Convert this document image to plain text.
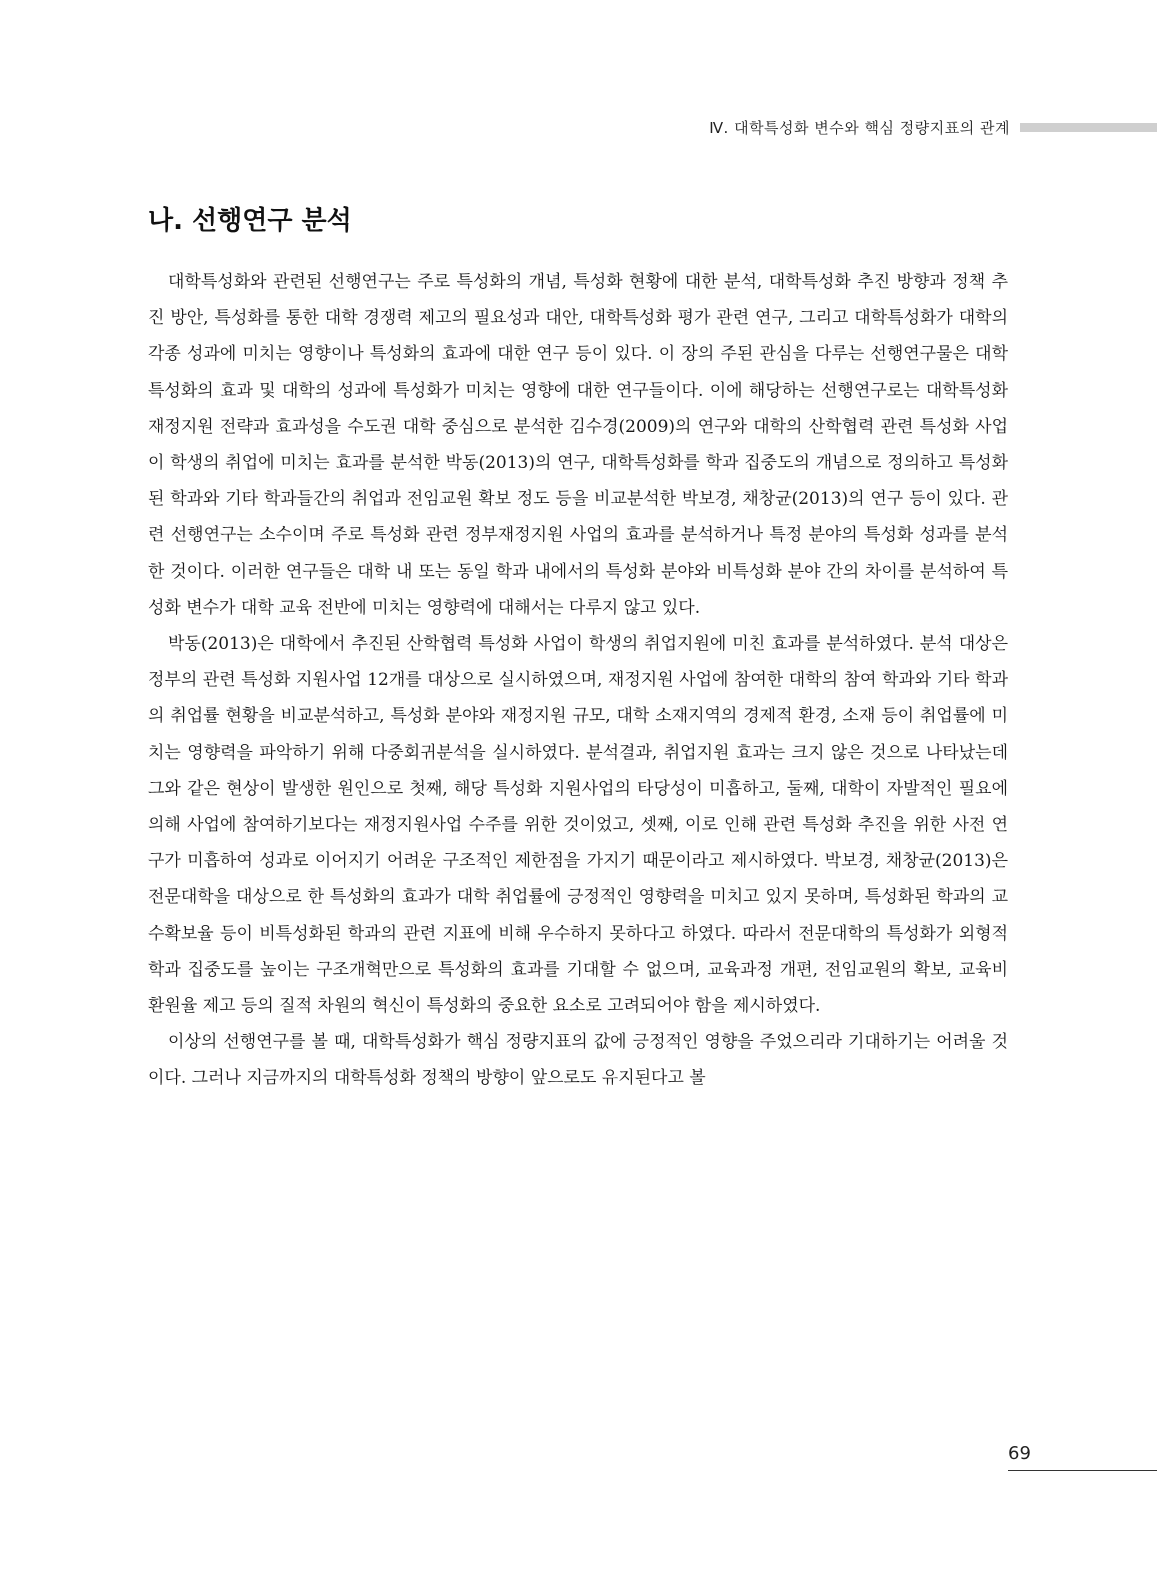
Ⅳ. 대학특성화 변수와 핵심 정량지표의 관계
나. 선행연구 분석

대학특성화와 관련된 선행연구는 주로 특성화의 개념, 특성화 현황에 대한 분석, 대학특성화 추진 방향과 정책 추진 방안, 특성화를 통한 대학 경쟁력 제고의 필요성과 대안, 대학특성화 평가 관련 연구, 그리고 대학특성화가 대학의 각종 성과에 미치는 영향이나 특성화의 효과에 대한 연구 등이 있다. 이 장의 주된 관심을 다루는 선행연구물은 대학특성화의 효과 및 대학의 성과에 특성화가 미치는 영향에 대한 연구들이다. 이에 해당하는 선행연구로는 대학특성화 재정지원 전략과 효과성을 수도권 대학 중심으로 분석한 김수경(2009)의 연구와 대학의 산학협력 관련 특성화 사업이 학생의 취업에 미치는 효과를 분석한 박동(2013)의 연구, 대학특성화를 학과 집중도의 개념으로 정의하고 특성화된 학과와 기타 학과들간의 취업과 전임교원 확보 정도 등을 비교분석한 박보경, 채창균(2013)의 연구 등이 있다. 관련 선행연구는 소수이며 주로 특성화 관련 정부재정지원 사업의 효과를 분석하거나 특정 분야의 특성화 성과를 분석한 것이다. 이러한 연구들은 대학 내 또는 동일 학과 내에서의 특성화 분야와 비특성화 분야 간의 차이를 분석하여 특성화 변수가 대학 교육 전반에 미치는 영향력에 대해서는 다루지 않고 있다.

박동(2013)은 대학에서 추진된 산학협력 특성화 사업이 학생의 취업지원에 미친 효과를 분석하였다. 분석 대상은 정부의 관련 특성화 지원사업 12개를 대상으로 실시하였으며, 재정지원 사업에 참여한 대학의 참여 학과와 기타 학과의 취업률 현황을 비교분석하고, 특성화 분야와 재정지원 규모, 대학 소재지역의 경제적 환경, 소재 등이 취업률에 미치는 영향력을 파악하기 위해 다중회귀분석을 실시하였다. 분석결과, 취업지원 효과는 크지 않은 것으로 나타났는데 그와 같은 현상이 발생한 원인으로 첫째, 해당 특성화 지원사업의 타당성이 미흡하고, 둘째, 대학이 자발적인 필요에 의해 사업에 참여하기보다는 재정지원사업 수주를 위한 것이었고, 셋째, 이로 인해 관련 특성화 추진을 위한 사전 연구가 미흡하여 성과로 이어지기 어려운 구조적인 제한점을 가지기 때문이라고 제시하였다. 박보경, 채창균(2013)은 전문대학을 대상으로 한 특성화의 효과가 대학 취업률에 긍정적인 영향력을 미치고 있지 못하며, 특성화된 학과의 교수확보율 등이 비특성화된 학과의 관련 지표에 비해 우수하지 못하다고 하였다. 따라서 전문대학의 특성화가 외형적 학과 집중도를 높이는 구조개혁만으로 특성화의 효과를 기대할 수 없으며, 교육과정 개편, 전임교원의 확보, 교육비 환원율 제고 등의 질적 차원의 혁신이 특성화의 중요한 요소로 고려되어야 함을 제시하였다.

이상의 선행연구를 볼 때, 대학특성화가 핵심 정량지표의 값에 긍정적인 영향을 주었으리라 기대하기는 어려울 것이다. 그러나 지금까지의 대학특성화 정책의 방향이 앞으로도 유지된다고 볼

69
